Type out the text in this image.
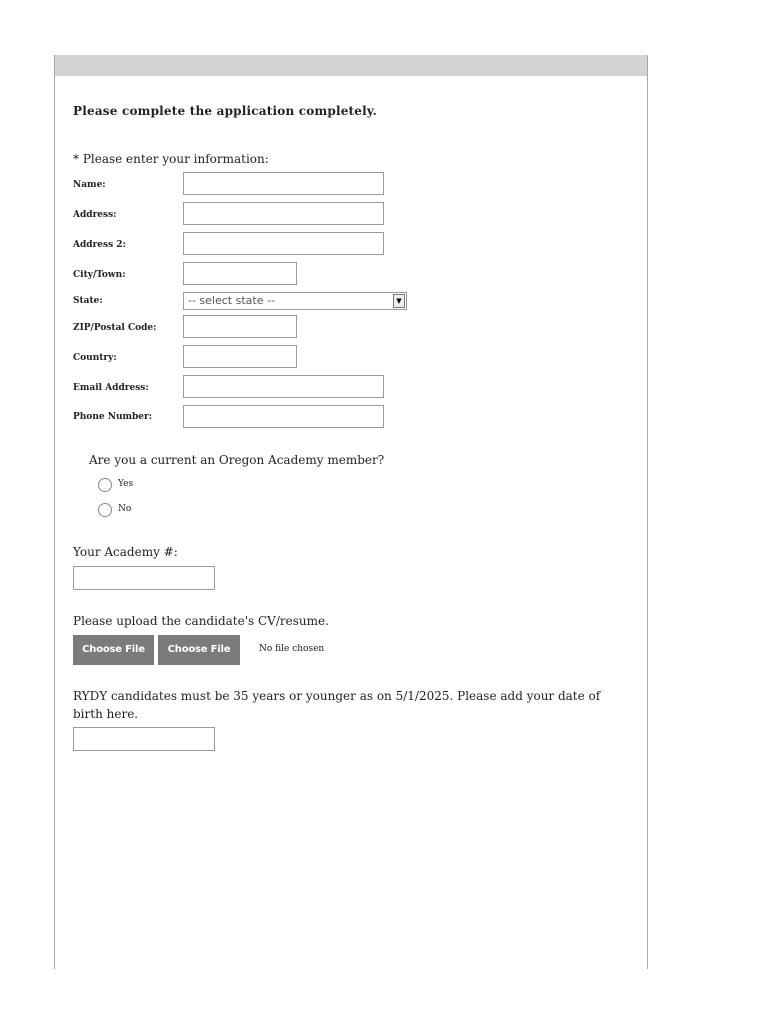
Please complete the application completely.
* Please enter your information:
Name:
Address:
Address 2:
City/Town:
State:	-- select state --	▼
ZIP/Postal Code:
Country:
Email Address:
Phone Number:
Are you a current an Oregon Academy member?
Yes
No
Your Academy #:
Please upload the candidate's CV/resume.
Choose File	Choose File	No file chosen
RYDY candidates must be 35 years or younger as on 5/1/2025. Please add your date of birth here.
